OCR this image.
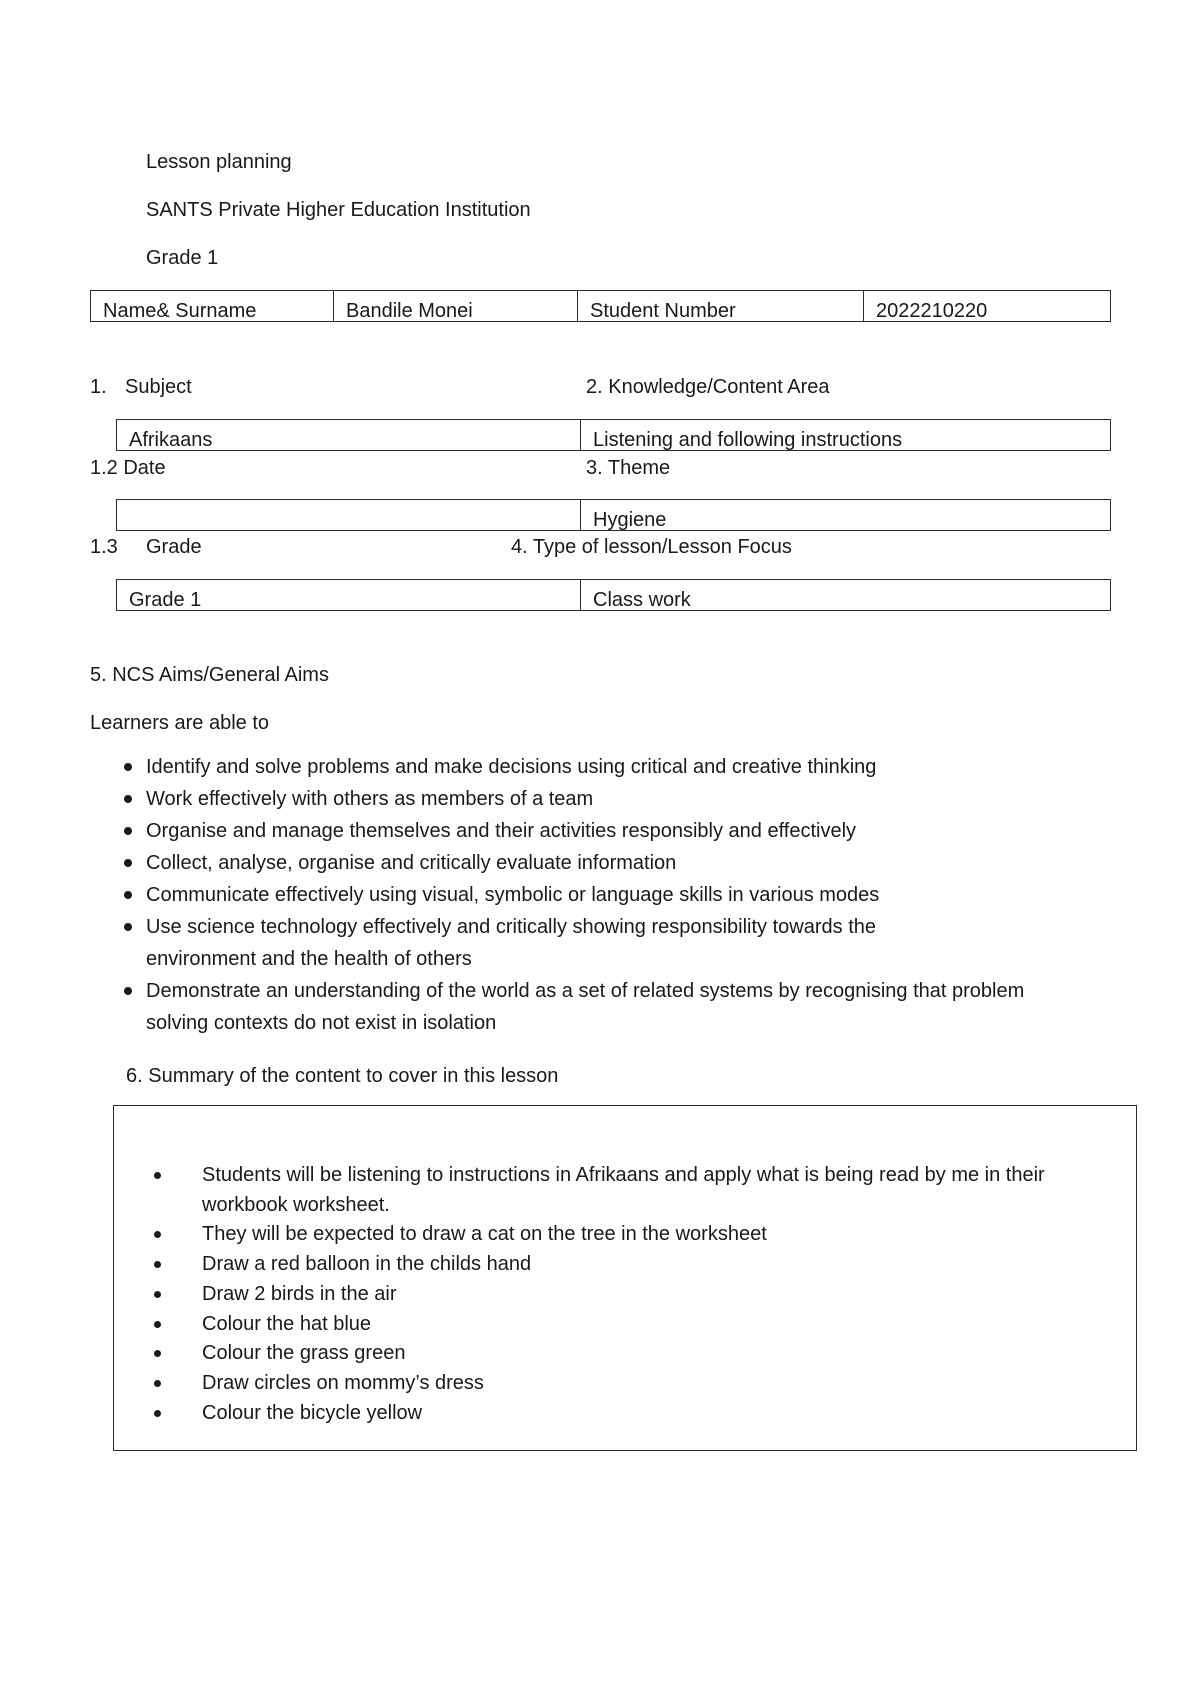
Lesson planning
SANTS Private Higher Education Institution
Grade 1
Name& Surname	Bandile Monei	Student Number	2022210220
1. Subject	2. Knowledge/Content Area
Afrikaans	Listening and following instructions
1.2 Date	3. Theme
	Hygiene
1.3 Grade	4. Type of lesson/Lesson Focus
Grade 1	Class work
5. NCS Aims/General Aims
Learners are able to
Identify and solve problems and make decisions using critical and creative thinking
Work effectively with others as members of a team
Organise and manage themselves and their activities responsibly and effectively
Collect, analyse, organise and critically evaluate information
Communicate effectively using visual, symbolic or language skills in various modes
Use science technology effectively and critically showing responsibility towards the environment and the health of others
Demonstrate an understanding of the world as a set of related systems by recognising that problem solving contexts do not exist in isolation
6. Summary of the content to cover in this lesson
Students will be listening to instructions in Afrikaans and apply what is being read by me in their workbook worksheet.
They will be expected to draw a cat on the tree in the worksheet
Draw a red balloon in the childs hand
Draw 2 birds in the air
Colour the hat blue
Colour the grass green
Draw circles on mommy’s dress
Colour the bicycle yellow
